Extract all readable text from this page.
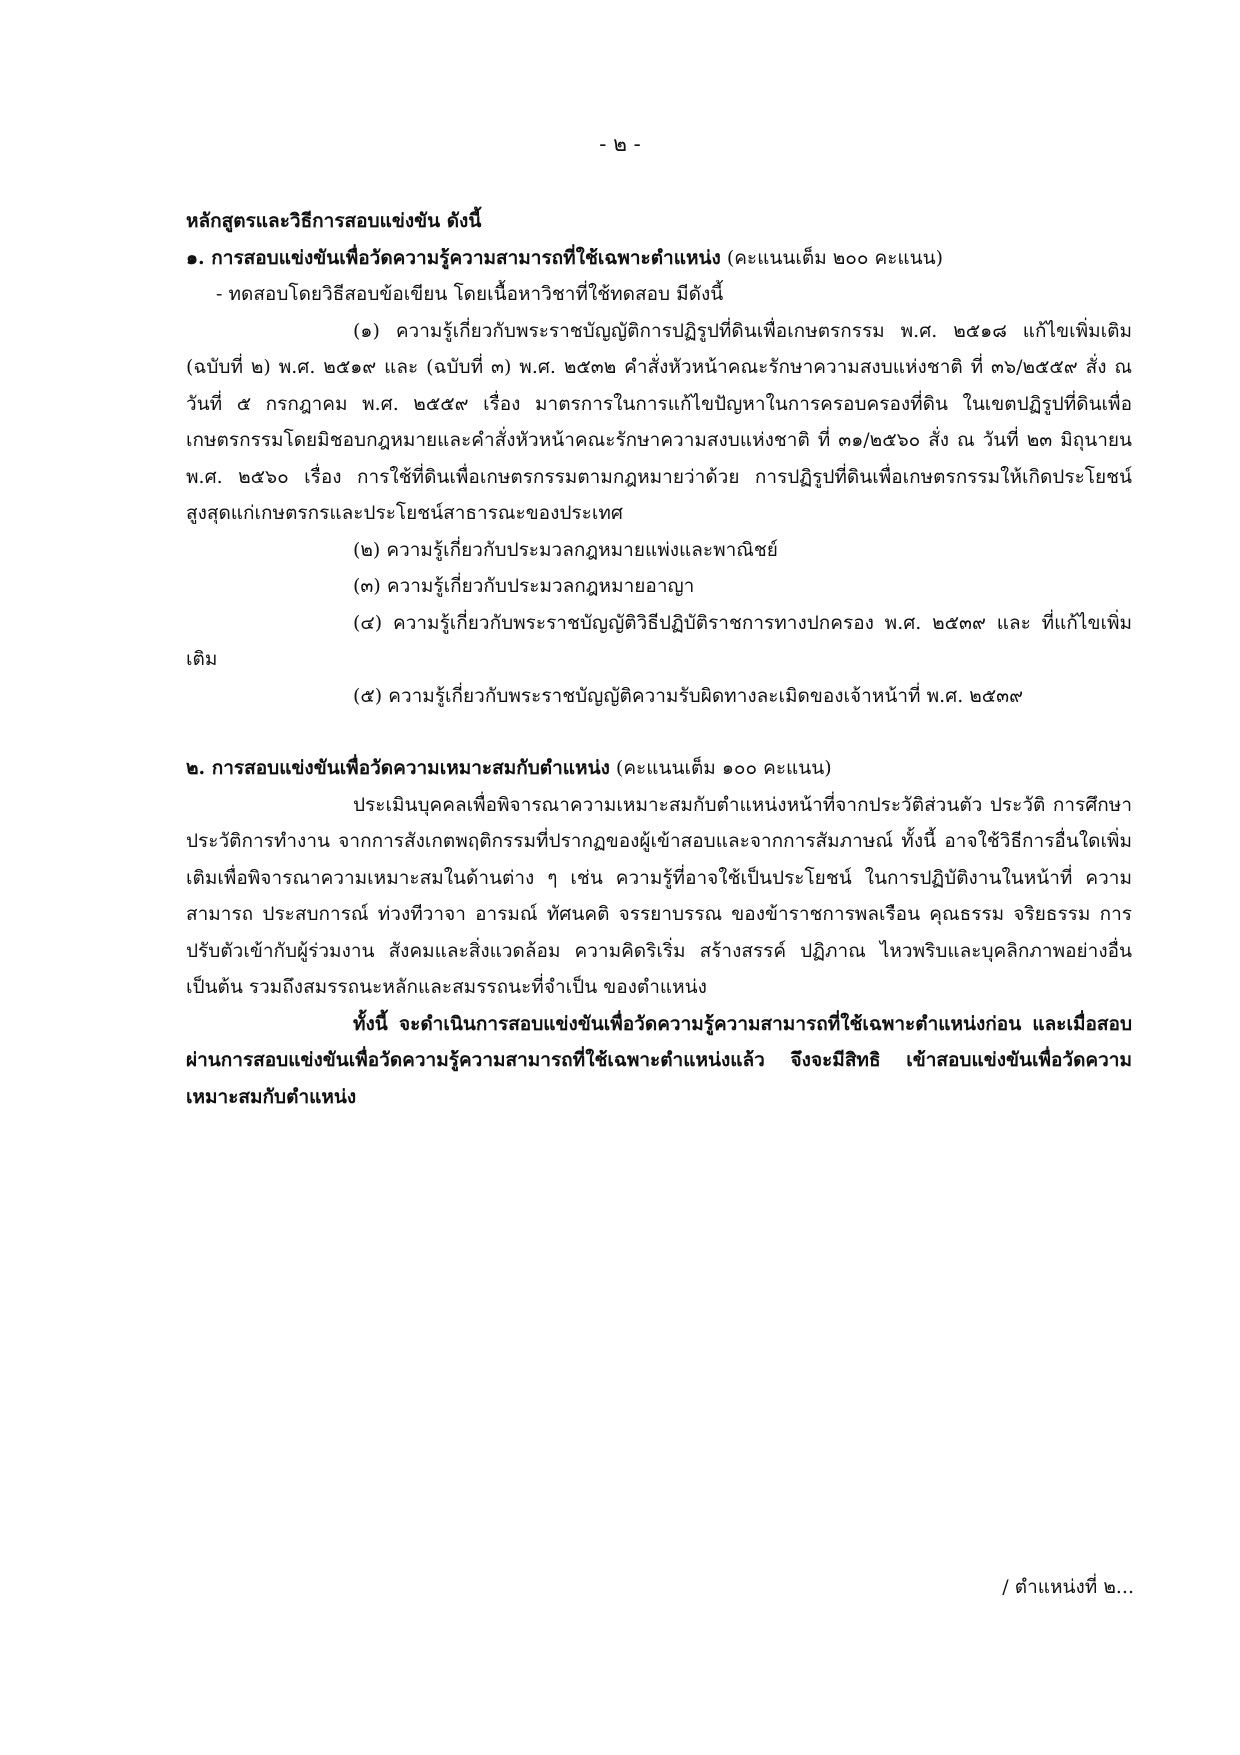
- ๒ -

หลักสูตรและวิธีการสอบแข่งขัน ดังนี้

๑. การสอบแข่งขันเพื่อวัดความรู้ความสามารถที่ใช้เฉพาะตำแหน่ง (คะแนนเต็ม ๒๐๐ คะแนน)

- ทดสอบโดยวิธีสอบข้อเขียน โดยเนื้อหาวิชาที่ใช้ทดสอบ มีดังนี้

(๑) ความรู้เกี่ยวกับพระราชบัญญัติการปฏิรูปที่ดินเพื่อเกษตรกรรม พ.ศ. ๒๕๑๘ แก้ไขเพิ่มเติม (ฉบับที่ ๒) พ.ศ. ๒๕๑๙ และ (ฉบับที่ ๓) พ.ศ. ๒๕๓๒ คำสั่งหัวหน้าคณะรักษาความสงบแห่งชาติ ที่ ๓๖/๒๕๕๙ สั่ง ณ วันที่ ๕ กรกฎาคม พ.ศ. ๒๕๕๙ เรื่อง มาตรการในการแก้ไขปัญหาในการครอบครองที่ดิน ในเขตปฏิรูปที่ดินเพื่อเกษตรกรรมโดยมิชอบกฎหมายและคำสั่งหัวหน้าคณะรักษาความสงบแห่งชาติ ที่ ๓๑/๒๕๖๐ สั่ง ณ วันที่ ๒๓ มิถุนายน พ.ศ. ๒๕๖๐ เรื่อง การใช้ที่ดินเพื่อเกษตรกรรมตามกฎหมายว่าด้วย การปฏิรูปที่ดินเพื่อเกษตรกรรมให้เกิดประโยชน์สูงสุดแก่เกษตรกรและประโยชน์สาธารณะของประเทศ

(๒) ความรู้เกี่ยวกับประมวลกฎหมายแพ่งและพาณิชย์

(๓) ความรู้เกี่ยวกับประมวลกฎหมายอาญา

(๔) ความรู้เกี่ยวกับพระราชบัญญัติวิธีปฏิบัติราชการทางปกครอง พ.ศ. ๒๕๓๙ และ ที่แก้ไขเพิ่มเติม

(๕) ความรู้เกี่ยวกับพระราชบัญญัติความรับผิดทางละเมิดของเจ้าหน้าที่ พ.ศ. ๒๕๓๙

๒. การสอบแข่งขันเพื่อวัดความเหมาะสมกับตำแหน่ง (คะแนนเต็ม ๑๐๐ คะแนน)

ประเมินบุคคลเพื่อพิจารณาความเหมาะสมกับตำแหน่งหน้าที่จากประวัติส่วนตัว ประวัติ การศึกษา ประวัติการทำงาน จากการสังเกตพฤติกรรมที่ปรากฏของผู้เข้าสอบและจากการสัมภาษณ์ ทั้งนี้ อาจใช้วิธีการอื่นใดเพิ่มเติมเพื่อพิจารณาความเหมาะสมในด้านต่าง ๆ เช่น ความรู้ที่อาจใช้เป็นประโยชน์ ในการปฏิบัติงานในหน้าที่ ความสามารถ ประสบการณ์ ท่วงทีวาจา อารมณ์ ทัศนคติ จรรยาบรรณ ของข้าราชการพลเรือน คุณธรรม จริยธรรม การปรับตัวเข้ากับผู้ร่วมงาน สังคมและสิ่งแวดล้อม ความคิดริเริ่ม สร้างสรรค์ ปฏิภาณ ไหวพริบและบุคลิกภาพอย่างอื่น เป็นต้น รวมถึงสมรรถนะหลักและสมรรถนะที่จำเป็น ของตำแหน่ง

ทั้งนี้ จะดำเนินการสอบแข่งขันเพื่อวัดความรู้ความสามารถที่ใช้เฉพาะตำแหน่งก่อน และเมื่อสอบผ่านการสอบแข่งขันเพื่อวัดความรู้ความสามารถที่ใช้เฉพาะตำแหน่งแล้ว จึงจะมีสิทธิ เข้าสอบแข่งขันเพื่อวัดความเหมาะสมกับตำแหน่ง

/ ตำแหน่งที่ ๒...
